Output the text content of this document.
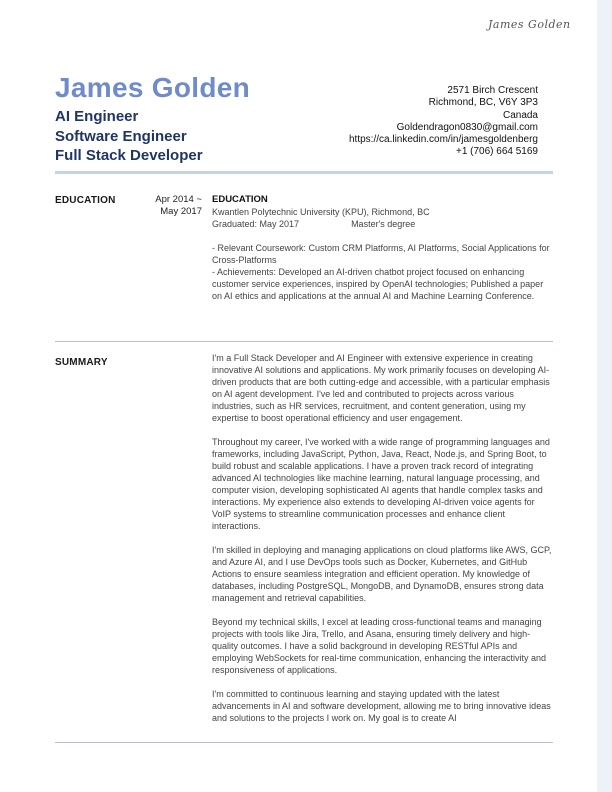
James Golden
James Golden
AI Engineer
Software Engineer
Full Stack Developer
2571 Birch Crescent
Richmond, BC, V6Y 3P3
Canada
Goldendragon0830@gmail.com
https://ca.linkedin.com/in/jamesgoldenberg
+1 (706) 664 5169
EDUCATION	Apr 2014 ~
May 2017
EDUCATION
Kwantlen Polytechnic University (KPU), Richmond, BC
Graduated: May 2017	Master's degree
- Relevant Coursework: Custom CRM Platforms, AI Platforms, Social Applications for Cross-Platforms
- Achievements: Developed an AI-driven chatbot project focused on enhancing customer service experiences, inspired by OpenAI technologies; Published a paper on AI ethics and applications at the annual AI and Machine Learning Conference.
SUMMARY	I'm a Full Stack Developer and AI Engineer with extensive experience in creating innovative AI solutions and applications. My work primarily focuses on developing AI-driven products that are both cutting-edge and accessible, with a particular emphasis on AI agent development. I've led and contributed to projects across various industries, such as HR services, recruitment, and content generation, using my expertise to boost operational efficiency and user engagement.

Throughout my career, I've worked with a wide range of programming languages and frameworks, including JavaScript, Python, Java, React, Node.js, and Spring Boot, to build robust and scalable applications. I have a proven track record of integrating advanced AI technologies like machine learning, natural language processing, and computer vision, developing sophisticated AI agents that handle complex tasks and interactions. My experience also extends to developing AI-driven voice agents for VoIP systems to streamline communication processes and enhance client interactions.

I'm skilled in deploying and managing applications on cloud platforms like AWS, GCP, and Azure AI, and I use DevOps tools such as Docker, Kubernetes, and GitHub Actions to ensure seamless integration and efficient operation. My knowledge of databases, including PostgreSQL, MongoDB, and DynamoDB, ensures strong data management and retrieval capabilities.

Beyond my technical skills, I excel at leading cross-functional teams and managing projects with tools like Jira, Trello, and Asana, ensuring timely delivery and high-quality outcomes. I have a solid background in developing RESTful APIs and employing WebSockets for real-time communication, enhancing the interactivity and responsiveness of applications.

I'm committed to continuous learning and staying updated with the latest advancements in AI and software development, allowing me to bring innovative ideas and solutions to the projects I work on. My goal is to create AI
